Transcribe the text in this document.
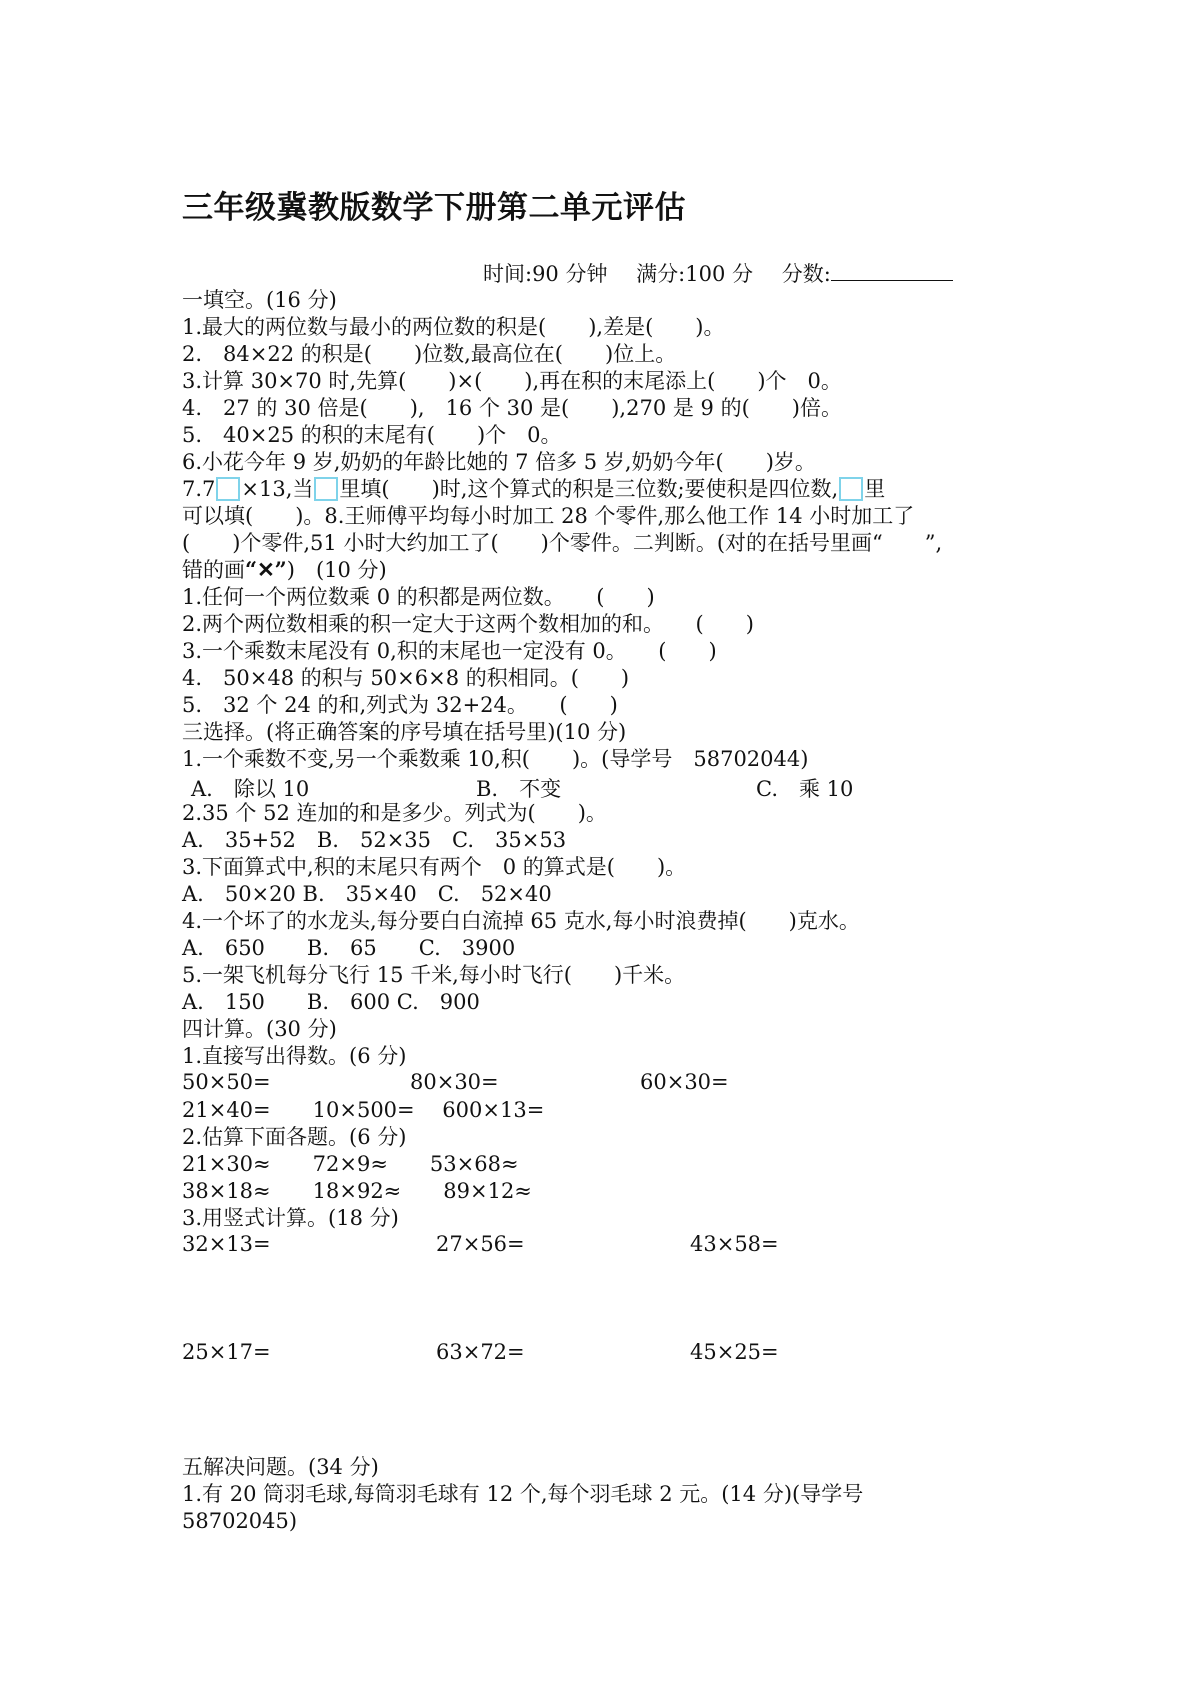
三年级冀教版数学下册第二单元评估
时间:90 分钟 满分:100 分 分数:
一填空。(16 分)
1.最大的两位数与最小的两位数的积是(　　),差是(　　)。
2.　84×22 的积是(　　)位数,最高位在(　　)位上。
3.计算 30×70 时,先算(　　)×(　　),再在积的末尾添上(　　)个　0。
4.　27 的 30 倍是(　　),　16 个 30 是(　　),270 是 9 的(　　)倍。
5.　40×25 的积的末尾有(　　)个　0。
6.小花今年 9 岁,奶奶的年龄比她的 7 倍多 5 岁,奶奶今年(　　)岁。
7.7 ×13,当 里填(　　)时,这个算式的积是三位数;要使积是四位数, 里
可以填(　　)。8.王师傅平均每小时加工 28 个零件,那么他工作 14 小时加工了
(　　)个零件,51 小时大约加工了(　　)个零件。二判断。(对的在括号里画“　　”,
错的画“✕”)　(10 分)
1.任何一个两位数乘 0 的积都是两位数。　　(　　)
2.两个两位数相乘的积一定大于这两个数相加的和。　　(　　)
3.一个乘数末尾没有 0,积的末尾也一定没有 0。　　(　　)
4.　50×48 的积与 50×6×8 的积相同。(　　)
5.　32 个 24 的和,列式为 32+24。　　(　　)
三选择。(将正确答案的序号填在括号里)(10 分)
1.一个乘数不变,另一个乘数乘 10,积(　　)。(导学号　58702044)
A.　除以 10	B.　不变	C.　乘 10
2.35 个 52 连加的和是多少。列式为(　　)。
A.　35+52　B.　52×35　C.　35×53
3.下面算式中,积的末尾只有两个　0 的算式是(　　)。
A.　50×20 B.　35×40　C.　52×40
4.一个坏了的水龙头,每分要白白流掉 65 克水,每小时浪费掉(　　)克水。
A.　650　　B.　65　　C.　3900
5.一架飞机每分飞行 15 千米,每小时飞行(　　)千米。
A.　150　　B.　600 C.　900
四计算。(30 分)
1.直接写出得数。(6 分)
50×50=	80×30=	60×30=
21×40=　　10×500=　 600×13=
2.估算下面各题。(6 分)
21×30≈　　72×9≈　　53×68≈
38×18≈　　18×92≈　　89×12≈
3.用竖式计算。(18 分)
32×13=	27×56=	43×58=
25×17=	63×72=	45×25=
五解决问题。(34 分)
1.有 20 筒羽毛球,每筒羽毛球有 12 个,每个羽毛球 2 元。(14 分)(导学号
58702045)
